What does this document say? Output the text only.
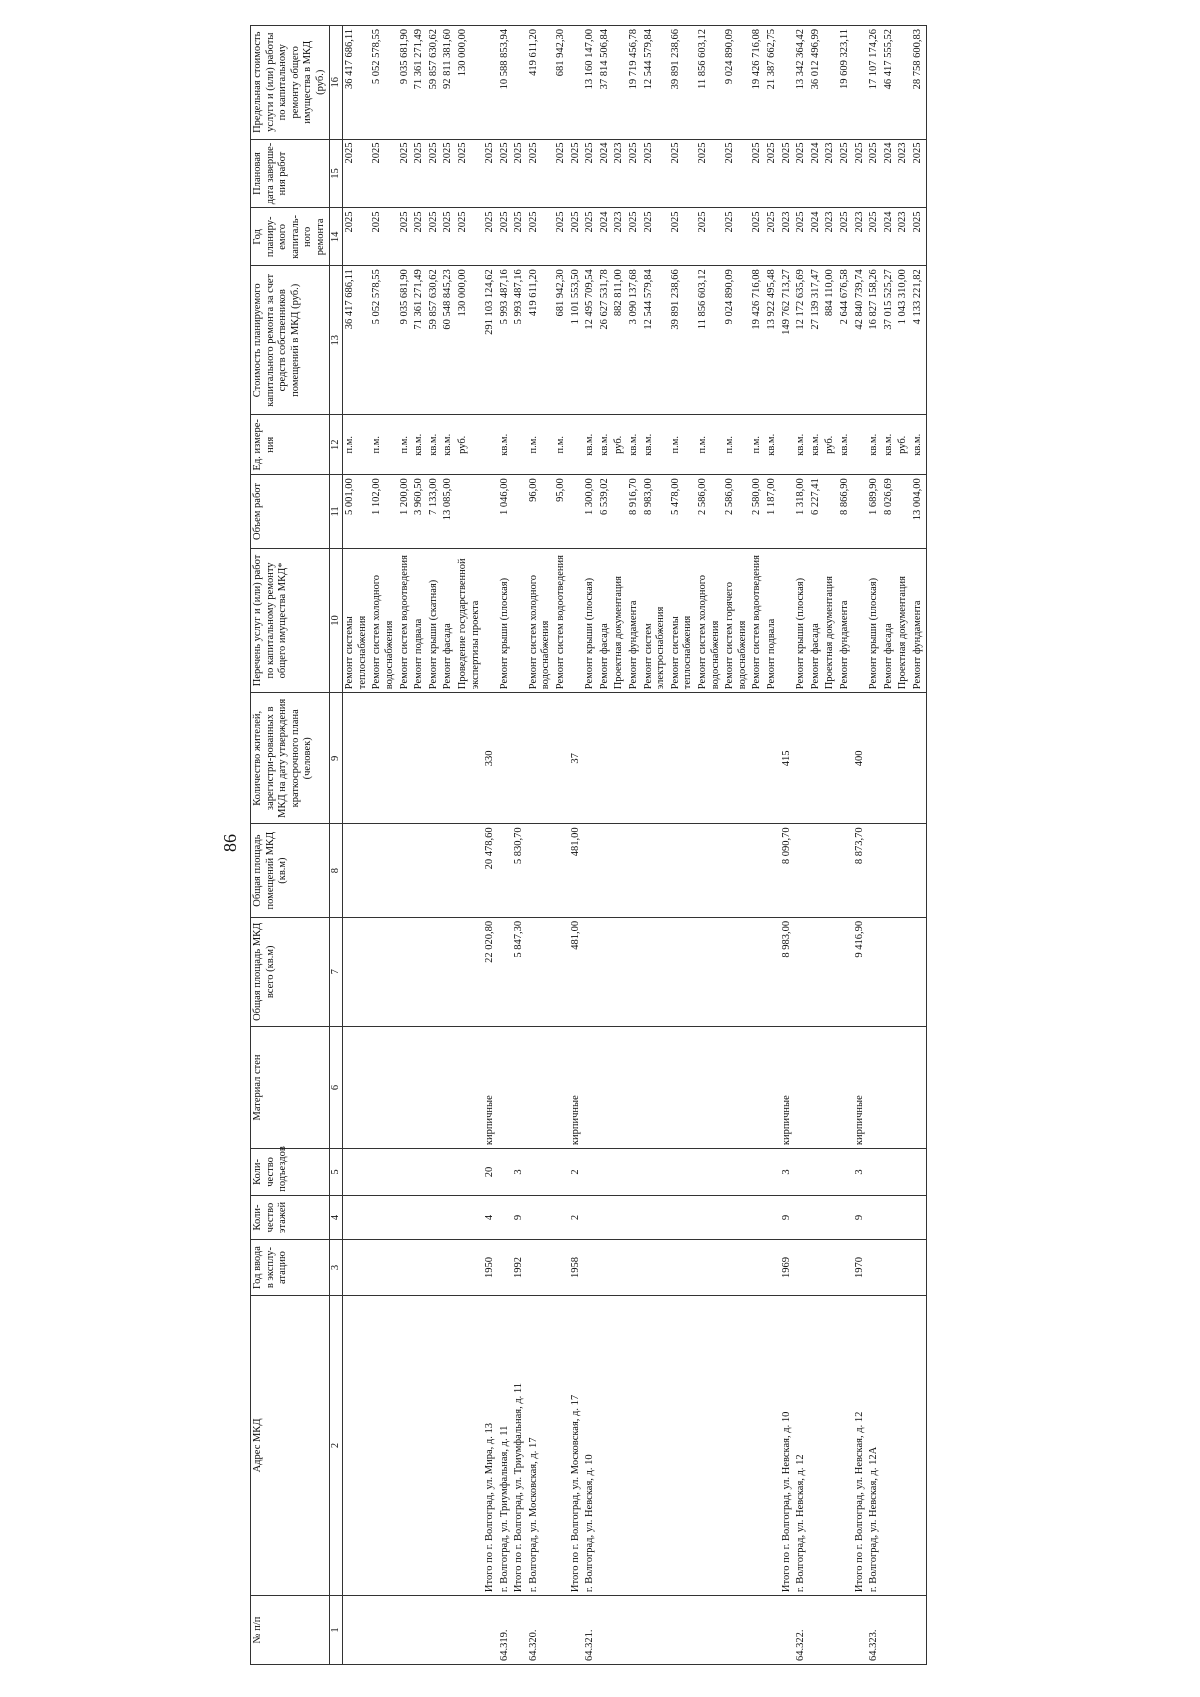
86
№ п/п	Адрес МКД	Год ввода в эксплу-атацию	Коли-чество этажей	Коли-чество подъездов	Материал стен	Общая площадь МКД всего (кв.м)	Общая площадь помещений МКД (кв.м)	Количество жителей, зарегистри-рованных в МКД на дату утверждения краткосрочного плана (человек)	Перечень услуг и (или) работ по капитальному ремонту общего имущества МКД*	Объем работ	Ед. измере-ния	Стоимость планируемого капитального ремонта за счет средств собственников помещений в МКД (руб.)	Год планиру-емого капиталь-ного ремонта	Плановая дата заверше-ния работ	Предельная стоимость услуги и (или) работы по капитальному ремонту общего имущества в МКД (руб.)
1	2	3	4	5	6	7	8	9	10	11	12	13	14	15	16
									Ремонт системы теплоснабжения	5 001,00	п.м.	36 417 686,11	2025	2025	36 417 686,11
									Ремонт систем холодного водоснабжения	1 102,00	п.м.	5 052 578,55	2025	2025	5 052 578,55
									Ремонт систем водоотведения	1 200,00	п.м.	9 035 681,90	2025	2025	9 035 681,90
									Ремонт подвала	3 960,50	кв.м.	71 361 271,49	2025	2025	71 361 271,49
									Ремонт крыши (скатная)	7 133,00	кв.м.	59 857 630,62	2025	2025	59 857 630,62
									Ремонт фасада	13 085,00	кв.м.	60 548 845,23	2025	2025	92 811 381,60
									Проведение государственной экспертизы проекта		руб.	130 000,00	2025	2025	130 000,00
	Итого по г. Волгоград, ул. Мира, д. 13	1950	4	20	кирпичные	22 020,80	20 478,60	330				291 103 124,62	2025	2025	
64.319.	г. Волгоград, ул. Триумфальная, д. 11								Ремонт крыши (плоская)	1 046,00	кв.м.	5 993 487,16	2025	2025	10 588 853,94
	Итого по г. Волгоград, ул. Триумфальная, д. 11	1992	9	3		5 847,30	5 830,70					5 993 487,16	2025	2025	
64.320.	г. Волгоград, ул. Московская, д. 17								Ремонт систем холодного водоснабжения	96,00	п.м.	419 611,20	2025	2025	419 611,20
									Ремонт систем водоотведения	95,00	п.м.	681 942,30	2025	2025	681 942,30
	Итого по г. Волгоград, ул. Московская, д. 17	1958	2	2	кирпичные	481,00	481,00	37				1 101 553,50	2025	2025	
64.321.	г. Волгоград, ул. Невская, д. 10								Ремонт крыши (плоская)	1 300,00	кв.м.	12 495 709,54	2025	2025	13 160 147,00
									Ремонт фасада	6 539,02	кв.м.	26 627 531,78	2024	2024	37 814 506,84
									Проектная документация		руб.	882 811,00	2023	2023	
									Ремонт фундамента	8 916,70	кв.м.	3 090 137,68	2025	2025	19 719 456,78
									Ремонт систем электроснабжения	8 983,00	кв.м.	12 544 579,84	2025	2025	12 544 579,84
									Ремонт системы теплоснабжения	5 478,00	п.м.	39 891 238,66	2025	2025	39 891 238,66
									Ремонт систем холодного водоснабжения	2 586,00	п.м.	11 856 603,12	2025	2025	11 856 603,12
									Ремонт систем горячего водоснабжения	2 586,00	п.м.	9 024 890,09	2025	2025	9 024 890,09
									Ремонт систем водоотведения	2 580,00	п.м.	19 426 716,08	2025	2025	19 426 716,08
									Ремонт подвала	1 187,00	кв.м.	13 922 495,48	2025	2025	21 387 662,75
	Итого по г. Волгоград, ул. Невская, д. 10	1969	9	3	кирпичные	8 983,00	8 090,70	415				149 762 713,27	2023	2025	
64.322.	г. Волгоград, ул. Невская, д. 12								Ремонт крыши (плоская)	1 318,00	кв.м.	12 172 635,69	2025	2025	13 342 364,42
									Ремонт фасада	6 227,41	кв.м.	27 139 317,47	2024	2024	36 012 496,99
									Проектная документация		руб.	884 110,00	2023	2023	
									Ремонт фундамента	8 866,90	кв.м.	2 644 676,58	2025	2025	19 609 323,11
	Итого по г. Волгоград, ул. Невская, д. 12	1970	9	3	кирпичные	9 416,90	8 873,70	400				42 840 739,74	2023	2025	
64.323.	г. Волгоград, ул. Невская, д. 12А								Ремонт крыши (плоская)	1 689,90	кв.м.	16 827 158,26	2025	2025	17 107 174,26
									Ремонт фасада	8 026,69	кв.м.	37 015 525,27	2024	2024	46 417 555,52
									Проектная документация		руб.	1 043 310,00	2023	2023	
									Ремонт фундамента	13 004,00	кв.м.	4 133 221,82	2025	2025	28 758 600,83
